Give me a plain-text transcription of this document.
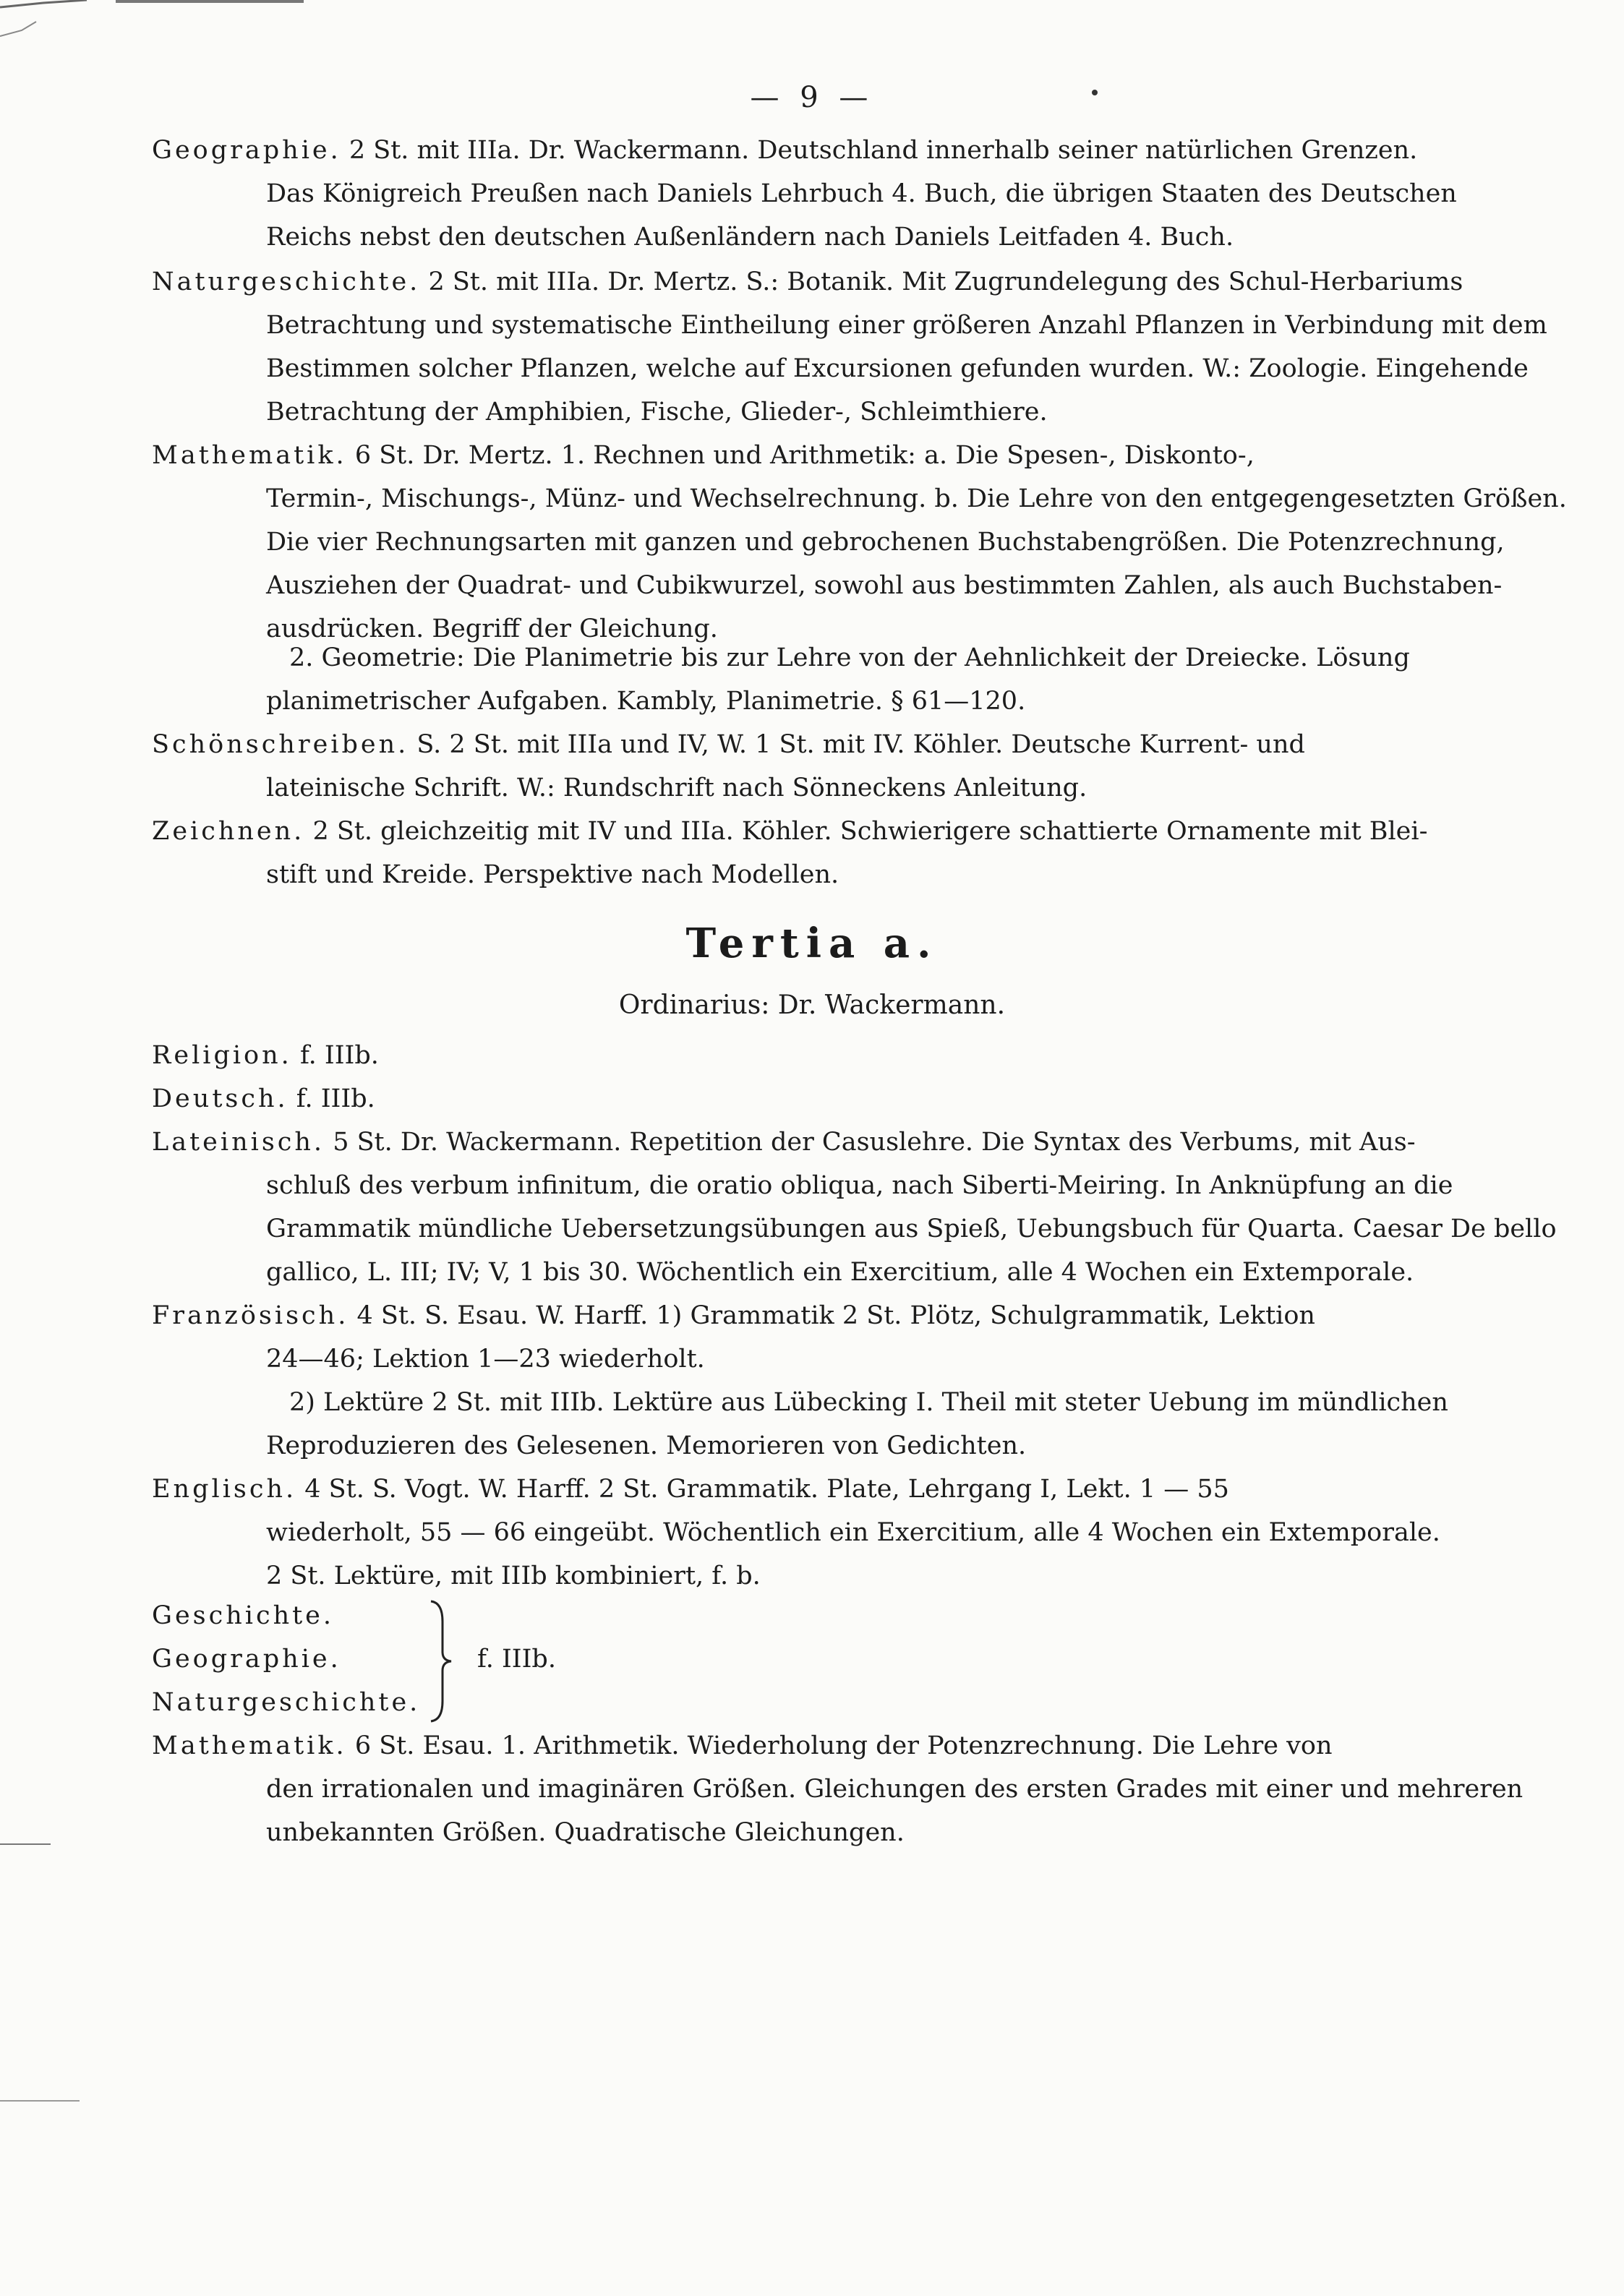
— 9 —
Geographie. 2 St. mit IIIa. Dr. Wackermann. Deutschland innerhalb seiner natürlichen Grenzen.
Das Königreich Preußen nach Daniels Lehrbuch 4. Buch, die übrigen Staaten des Deutschen
Reichs nebst den deutschen Außenländern nach Daniels Leitfaden 4. Buch.
Naturgeschichte. 2 St. mit IIIa. Dr. Mertz. S.: Botanik. Mit Zugrundelegung des Schul-Herbariums
Betrachtung und systematische Eintheilung einer größeren Anzahl Pflanzen in Verbindung mit dem
Bestimmen solcher Pflanzen, welche auf Excursionen gefunden wurden. W.: Zoologie. Eingehende
Betrachtung der Amphibien, Fische, Glieder-, Schleimthiere.
Mathematik. 6 St. Dr. Mertz. 1. Rechnen und Arithmetik: a. Die Spesen-, Diskonto-,
Termin-, Mischungs-, Münz- und Wechselrechnung. b. Die Lehre von den entgegengesetzten Größen.
Die vier Rechnungsarten mit ganzen und gebrochenen Buchstabengrößen. Die Potenzrechnung,
Ausziehen der Quadrat- und Cubikwurzel, sowohl aus bestimmten Zahlen, als auch Buchstaben-
ausdrücken. Begriff der Gleichung.
2. Geometrie: Die Planimetrie bis zur Lehre von der Aehnlichkeit der Dreiecke. Lösung
planimetrischer Aufgaben. Kambly, Planimetrie. § 61—120.
Schönschreiben. S. 2 St. mit IIIa und IV, W. 1 St. mit IV. Köhler. Deutsche Kurrent- und
lateinische Schrift. W.: Rundschrift nach Sönneckens Anleitung.
Zeichnen. 2 St. gleichzeitig mit IV und IIIa. Köhler. Schwierigere schattierte Ornamente mit Blei-
stift und Kreide. Perspektive nach Modellen.
Tertia a.
Ordinarius: Dr. Wackermann.
Religion. f. IIIb.
Deutsch. f. IIIb.
Lateinisch. 5 St. Dr. Wackermann. Repetition der Casuslehre. Die Syntax des Verbums, mit Aus-
schluß des verbum infinitum, die oratio obliqua, nach Siberti-Meiring. In Anknüpfung an die
Grammatik mündliche Uebersetzungsübungen aus Spieß, Uebungsbuch für Quarta. Caesar De bello
gallico, L. III; IV; V, 1 bis 30. Wöchentlich ein Exercitium, alle 4 Wochen ein Extemporale.
Französisch. 4 St. S. Esau. W. Harff. 1) Grammatik 2 St. Plötz, Schulgrammatik, Lektion
24—46; Lektion 1—23 wiederholt.
2) Lektüre 2 St. mit IIIb. Lektüre aus Lübecking I. Theil mit steter Uebung im mündlichen
Reproduzieren des Gelesenen. Memorieren von Gedichten.
Englisch. 4 St. S. Vogt. W. Harff. 2 St. Grammatik. Plate, Lehrgang I, Lekt. 1 — 55
wiederholt, 55 — 66 eingeübt. Wöchentlich ein Exercitium, alle 4 Wochen ein Extemporale.
2 St. Lektüre, mit IIIb kombiniert, f. b.
Geschichte.
Geographie.
Naturgeschichte.
f. IIIb.
Mathematik. 6 St. Esau. 1. Arithmetik. Wiederholung der Potenzrechnung. Die Lehre von
den irrationalen und imaginären Größen. Gleichungen des ersten Grades mit einer und mehreren
unbekannten Größen. Quadratische Gleichungen.
